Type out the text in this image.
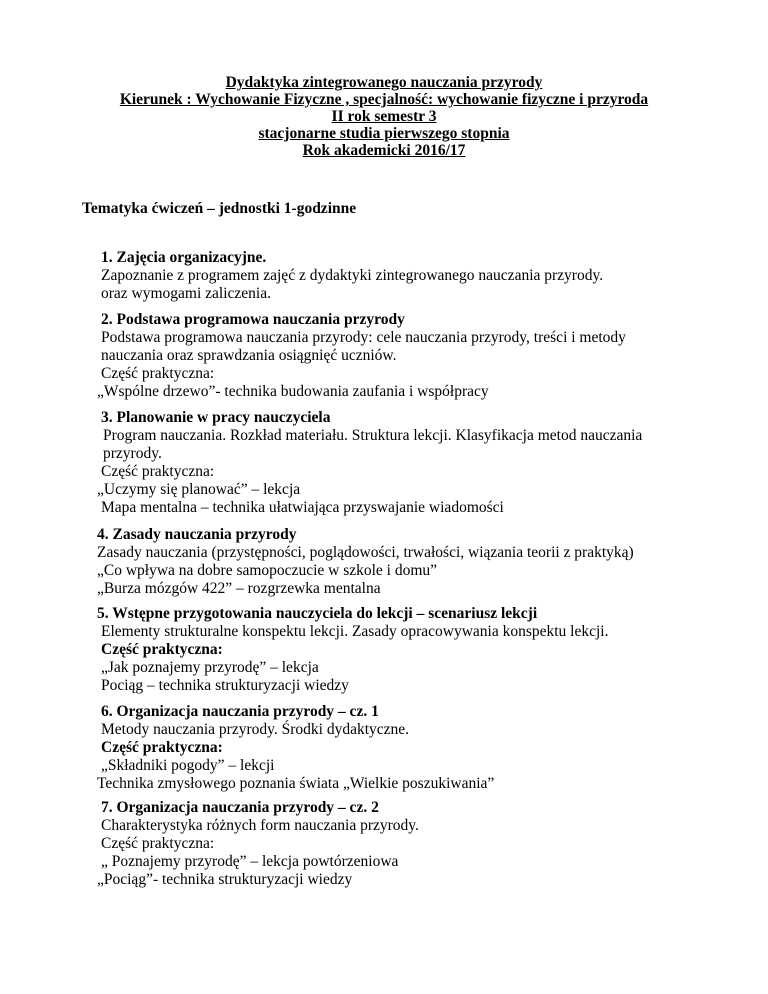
Dydaktyka zintegrowanego nauczania przyrody
Kierunek : Wychowanie Fizyczne , specjalność: wychowanie fizyczne i przyroda
II rok semestr 3
stacjonarne studia pierwszego stopnia
Rok akademicki 2016/17
Tematyka ćwiczeń – jednostki 1-godzinne
1. Zajęcia organizacyjne.
Zapoznanie z programem zajęć z dydaktyki zintegrowanego nauczania przyrody.
oraz wymogami zaliczenia.
2. Podstawa programowa nauczania przyrody
Podstawa programowa nauczania przyrody: cele nauczania przyrody, treści i metody
nauczania oraz sprawdzania osiągnięć uczniów.
Część praktyczna:
„Wspólne drzewo”- technika budowania zaufania i współpracy
3. Planowanie w pracy nauczyciela
Program nauczania. Rozkład materiału. Struktura lekcji. Klasyfikacja metod nauczania
przyrody.
Część praktyczna:
„Uczymy się planować” – lekcja
Mapa mentalna – technika ułatwiająca przyswajanie wiadomości
4. Zasady nauczania przyrody
Zasady nauczania (przystępności, poglądowości, trwałości, wiązania teorii z praktyką)
„Co wpływa na dobre samopoczucie w szkole i domu”
„Burza mózgów 422” – rozgrzewka mentalna
5. Wstępne przygotowania nauczyciela do lekcji – scenariusz lekcji
Elementy strukturalne konspektu lekcji. Zasady opracowywania konspektu lekcji.
Część praktyczna:
„Jak poznajemy przyrodę” – lekcja
Pociąg – technika strukturyzacji wiedzy
6. Organizacja nauczania przyrody – cz. 1
Metody nauczania przyrody. Środki dydaktyczne.
Część praktyczna:
„Składniki pogody” – lekcji
Technika zmysłowego poznania świata „Wielkie poszukiwania”
7. Organizacja nauczania przyrody – cz. 2
Charakterystyka różnych form nauczania przyrody.
Część praktyczna:
„ Poznajemy przyrodę” – lekcja powtórzeniowa
„Pociąg”- technika strukturyzacji wiedzy
